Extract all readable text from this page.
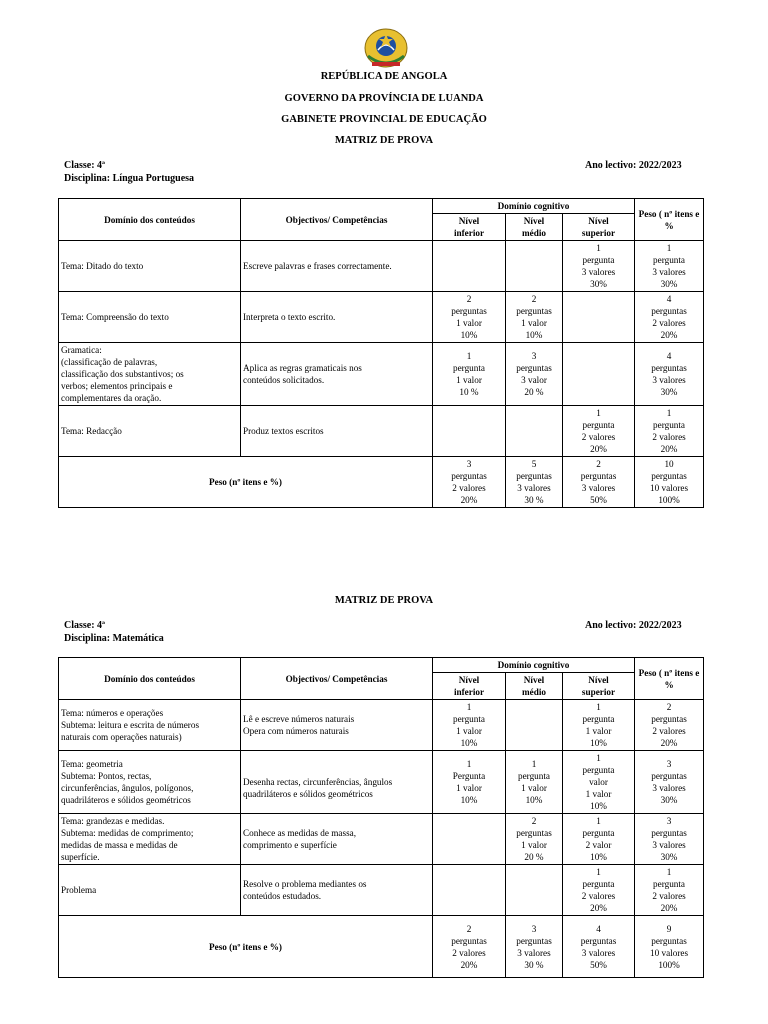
REPÚBLICA DE ANGOLA
GOVERNO DA PROVÍNCIA DE LUANDA
GABINETE PROVINCIAL DE EDUCAÇÃO
MATRIZ DE PROVA
Classe: 4ª
Disciplina: Língua Portuguesa
Ano lectivo: 2022/2023
Domínio dos conteúdos	Objectivos/ Competências	Domínio cognitivo			Peso ( nº itens e %

		Nível
inferior	Nível
médio	Nível
superior	

Tema: Ditado do texto	Escreve palavras e frases correctamente.			1
pergunta
3 valores
30%	1
pergunta
3 valores
30%

Tema: Compreensão do texto	Interpreta o texto escrito.	2
perguntas
1 valor
10%	2
perguntas
1 valor
10%		4
perguntas
2 valores
20%

Gramatica:
(classificação de palavras,
classificação dos substantivos; os
verbos; elementos principais e
complementares da oração.	Aplica as regras gramaticais nos
conteúdos solicitados.	1
pergunta
1 valor
10 %	3
perguntas
3 valor
20 %		4
perguntas
3 valores
30%

Tema: Redacção	Produz textos escritos			1
pergunta
2 valores
20%	1
pergunta
2 valores
20%

Peso (nº itens e %)		3
perguntas
2 valores
20%	5
perguntas
3 valores
30 %	2
perguntas
3 valores
50%	10
perguntas
10 valores
100%
MATRIZ DE PROVA
Classe: 4ª
Disciplina: Matemática
Ano lectivo: 2022/2023
Domínio dos conteúdos	Objectivos/ Competências	Domínio cognitivo			Peso ( nº itens e %

		Nível
inferior	Nível
médio	Nível
superior	

Tema: números e operações
Subtema: leitura e escrita de números
naturais com operações naturais)	Lê e escreve números naturais
Opera com números naturais	1
pergunta
1 valor
10%		1
pergunta
1 valor
10%	2
perguntas
2 valores
20%

Tema: geometria
Subtema: Pontos, rectas,
circunferências, ângulos, polígonos,
quadriláteros e sólidos geométricos	Desenha rectas, circunferências, ângulos
quadriláteros e sólidos geométricos	1
Pergunta
1 valor
10%	1
pergunta
1 valor
10%	1
pergunta
valor
1 valor
10%	3
perguntas
3 valores
30%

Tema: grandezas e medidas.
Subtema: medidas de comprimento;
medidas de massa e medidas de
superfície.	Conhece as medidas de massa,
comprimento e superfície		2
perguntas
1 valor
20 %	1
pergunta
2 valor
10%	3
perguntas
3 valores
30%

Problema	Resolve o problema mediantes os
conteúdos estudados.			1
pergunta
2 valores
20%	1
pergunta
2 valores
20%

Peso (nº itens e %)		2
perguntas
2 valores
20%	3
perguntas
3 valores
30 %	4
perguntas
3 valores
50%	9
perguntas
10 valores
100%
